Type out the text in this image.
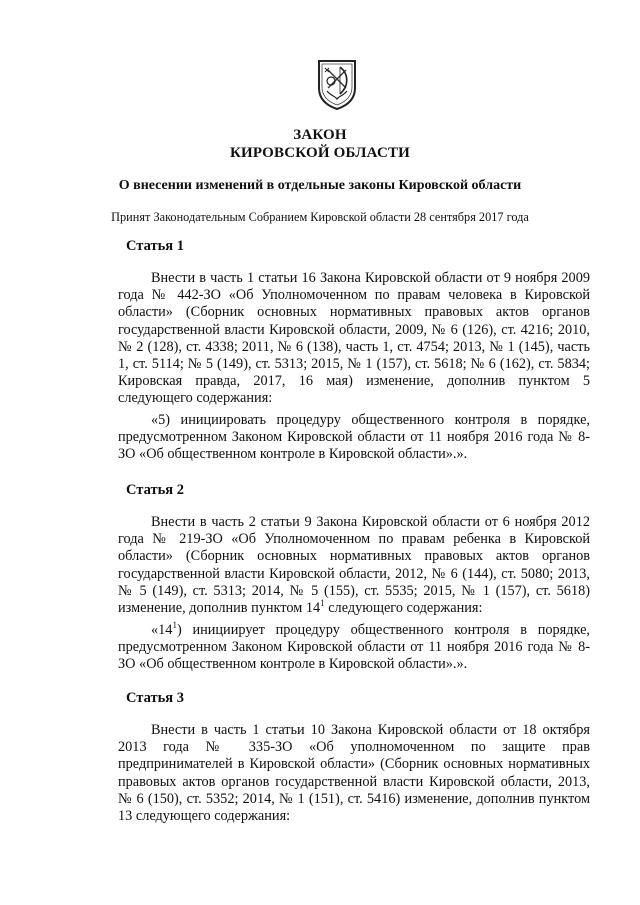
ЗАКОН
КИРОВСКОЙ ОБЛАСТИ
О внесении изменений в отдельные законы Кировской области
Принят Законодательным Собранием Кировской области 28 сентября 2017 года
Статья 1

Внести в часть 1 статьи 16 Закона Кировской области от 9 ноября 2009 года № 442-ЗО «Об Уполномоченном по правам человека в Кировской области» (Сборник основных нормативных правовых актов органов государственной власти Кировской области, 2009, № 6 (126), ст. 4216; 2010, № 2 (128), ст. 4338; 2011, № 6 (138), часть 1, ст. 4754; 2013, № 1 (145), часть 1, ст. 5114; № 5 (149), ст. 5313; 2015, № 1 (157), ст. 5618; № 6 (162), ст. 5834; Кировская правда, 2017, 16 мая) изменение, дополнив пунктом 5 следующего содержания:

«5) инициировать процедуру общественного контроля в порядке, предусмотренном Законом Кировской области от 11 ноября 2016 года № 8-ЗО «Об общественном контроле в Кировской области».».

Статья 2

Внести в часть 2 статьи 9 Закона Кировской области от 6 ноября 2012 года № 219-ЗО «Об Уполномоченном по правам ребенка в Кировской области» (Сборник основных нормативных правовых актов органов государственной власти Кировской области, 2012, № 6 (144), ст. 5080; 2013, № 5 (149), ст. 5313; 2014, № 5 (155), ст. 5535; 2015, № 1 (157), ст. 5618) изменение, дополнив пунктом $14^1$ следующего содержания:

«$14^1$) инициирует процедуру общественного контроля в порядке, предусмотренном Законом Кировской области от 11 ноября 2016 года № 8-ЗО «Об общественном контроле в Кировской области».».

Статья 3

Внести в часть 1 статьи 10 Закона Кировской области от 18 октября 2013 года № 335-ЗО «Об уполномоченном по защите прав предпринимателей в Кировской области» (Сборник основных нормативных правовых актов органов государственной власти Кировской области, 2013, № 6 (150), ст. 5352; 2014, № 1 (151), ст. 5416) изменение, дополнив пунктом 13 следующего содержания:
